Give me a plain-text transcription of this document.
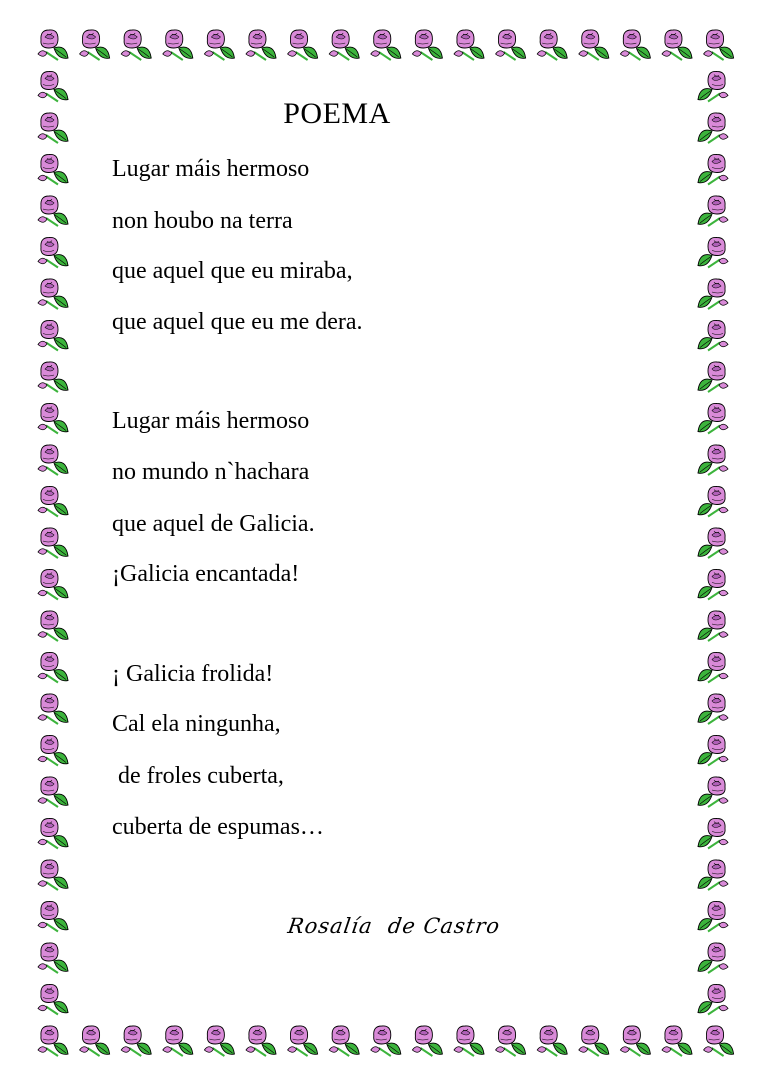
POEMA
Lugar máis hermoso
non houbo na terra
que aquel que eu miraba,
que aquel que eu me dera.
Lugar máis hermoso
no mundo n`hachara
que aquel de Galicia.
¡Galicia encantada!
¡ Galicia frolida!
Cal ela ningunha,
de froles cuberta,
cuberta de espumas…
Rosalía  de Castro
